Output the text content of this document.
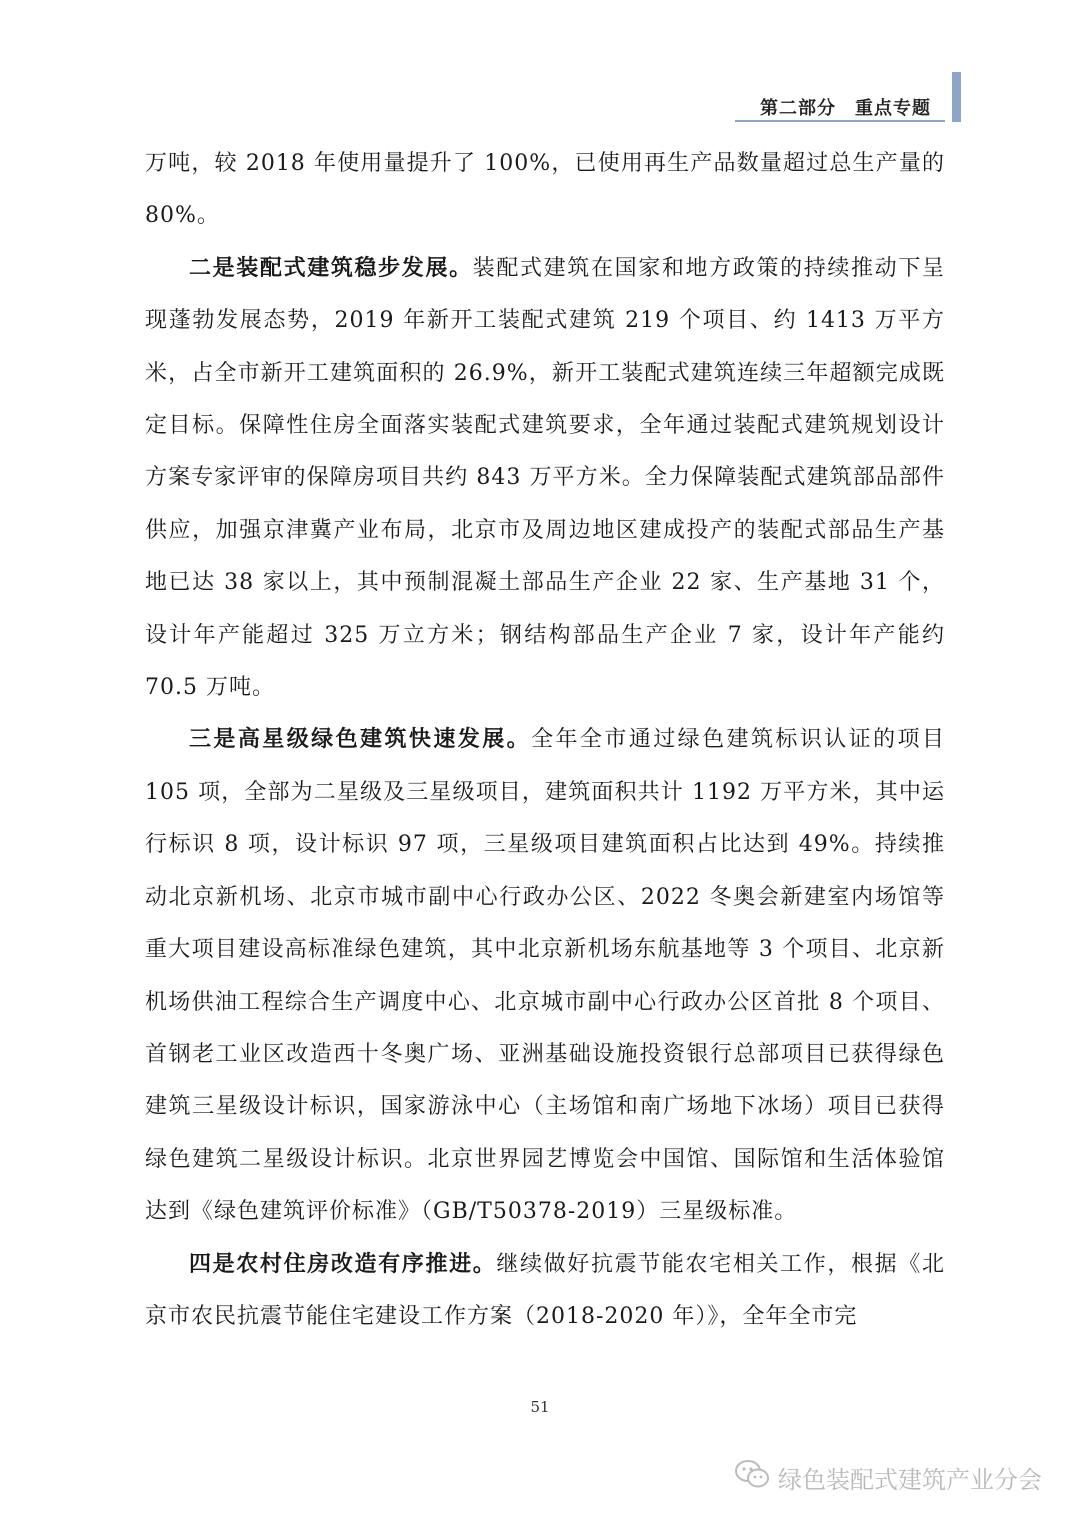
第二部分　重点专题

万吨，较 2018 年使用量提升了 100%，已使用再生产品数量超过总生产量的 80%。

二是装配式建筑稳步发展。装配式建筑在国家和地方政策的持续推动下呈现蓬勃发展态势，2019 年新开工装配式建筑 219 个项目、约 1413 万平方米，占全市新开工建筑面积的 26.9%，新开工装配式建筑连续三年超额完成既定目标。保障性住房全面落实装配式建筑要求，全年通过装配式建筑规划设计方案专家评审的保障房项目共约 843 万平方米。全力保障装配式建筑部品部件供应，加强京津冀产业布局，北京市及周边地区建成投产的装配式部品生产基地已达 38 家以上，其中预制混凝土部品生产企业 22 家、生产基地 31 个，设计年产能超过 325 万立方米；钢结构部品生产企业 7 家，设计年产能约 70.5 万吨。

三是高星级绿色建筑快速发展。全年全市通过绿色建筑标识认证的项目 105 项，全部为二星级及三星级项目，建筑面积共计 1192 万平方米，其中运行标识 8 项，设计标识 97 项，三星级项目建筑面积占比达到 49%。持续推动北京新机场、北京市城市副中心行政办公区、2022 冬奥会新建室内场馆等重大项目建设高标准绿色建筑，其中北京新机场东航基地等 3 个项目、北京新机场供油工程综合生产调度中心、北京城市副中心行政办公区首批 8 个项目、首钢老工业区改造西十冬奥广场、亚洲基础设施投资银行总部项目已获得绿色建筑三星级设计标识，国家游泳中心（主场馆和南广场地下冰场）项目已获得绿色建筑二星级设计标识。北京世界园艺博览会中国馆、国际馆和生活体验馆达到《绿色建筑评价标准》（GB/T50378-2019）三星级标准。

四是农村住房改造有序推进。继续做好抗震节能农宅相关工作，根据《北京市农民抗震节能住宅建设工作方案（2018-2020 年）》，全年全市完

51
绿色装配式建筑产业分会
